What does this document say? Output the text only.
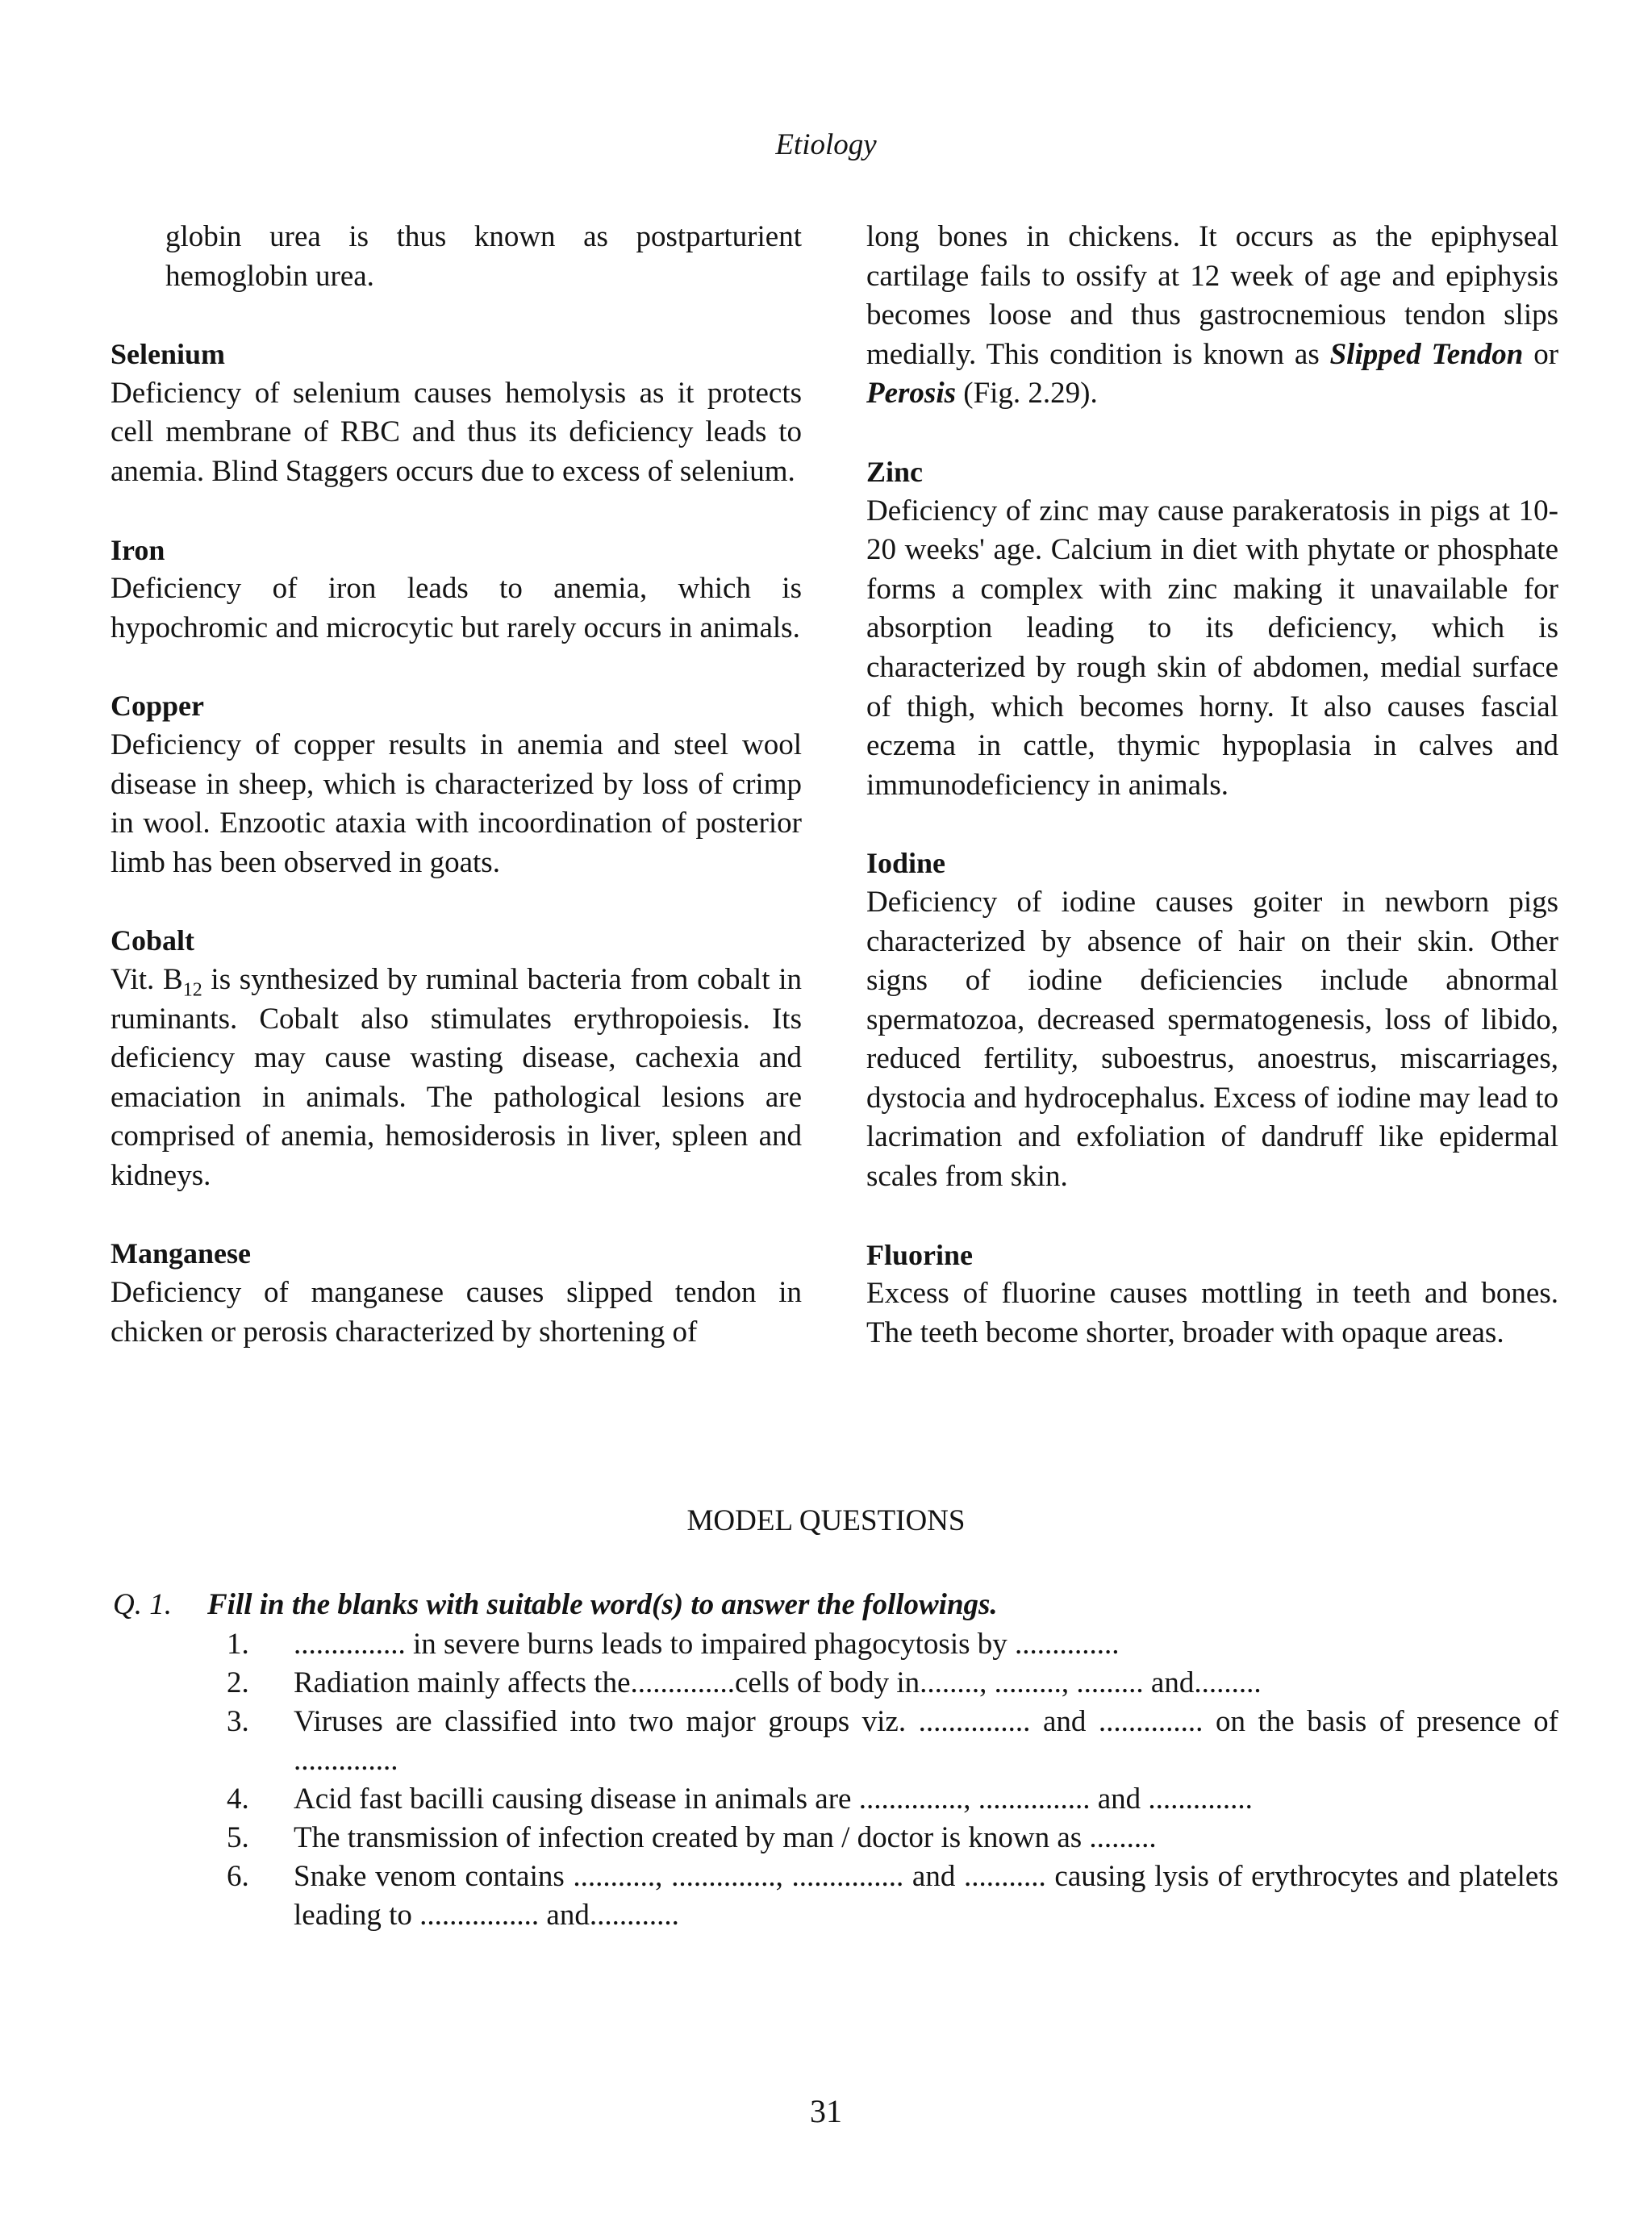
Etiology

globin urea is thus known as postparturient hemoglobin urea.

Selenium

Deficiency of selenium causes hemolysis as it protects cell membrane of RBC and thus its deficiency leads to anemia. Blind Staggers occurs due to excess of selenium.

Iron

Deficiency of iron leads to anemia, which is hypochromic and microcytic but rarely occurs in animals.

Copper

Deficiency of copper results in anemia and steel wool disease in sheep, which is characterized by loss of crimp in wool. Enzootic ataxia with incoordination of posterior limb has been observed in goats.

Cobalt

Vit. $B_{12}$ is synthesized by ruminal bacteria from cobalt in ruminants. Cobalt also stimulates erythropoiesis. Its deficiency may cause wasting disease, cachexia and emaciation in animals. The pathological lesions are comprised of anemia, hemosiderosis in liver, spleen and kidneys.

Manganese

Deficiency of manganese causes slipped tendon in chicken or perosis characterized by shortening of

long bones in chickens. It occurs as the epiphyseal cartilage fails to ossify at 12 week of age and epiphysis becomes loose and thus gastrocnemious tendon slips medially. This condition is known as Slipped Tendon or Perosis (Fig. 2.29).

Zinc

Deficiency of zinc may cause parakeratosis in pigs at 10-20 weeks' age. Calcium in diet with phytate or phosphate forms a complex with zinc making it unavailable for absorption leading to its deficiency, which is characterized by rough skin of abdomen, medial surface of thigh, which becomes horny. It also causes fascial eczema in cattle, thymic hypoplasia in calves and immunodeficiency in animals.

Iodine

Deficiency of iodine causes goiter in newborn pigs characterized by absence of hair on their skin. Other signs of iodine deficiencies include abnormal spermatozoa, decreased spermatogenesis, loss of libido, reduced fertility, suboestrus, anoestrus, miscarriages, dystocia and hydrocephalus. Excess of iodine may lead to lacrimation and exfoliation of dandruff like epidermal scales from skin.

Fluorine

Excess of fluorine causes mottling in teeth and bones. The teeth become shorter, broader with opaque areas.

MODEL QUESTIONS
Q. 1. Fill in the blanks with suitable word(s) to answer the followings.
1. ............... in severe burns leads to impaired phagocytosis by ..............
2. Radiation mainly affects the..............cells of body in........, ........., ......... and.........
3. Viruses are classified into two major groups viz. ............... and .............. on the basis of presence of ..............
4. Acid fast bacilli causing disease in animals are .............., ............... and ..............
5. The transmission of infection created by man / doctor is known as .........
6. Snake venom contains ..........., .............., ............... and ........... causing lysis of erythrocytes and platelets leading to ................ and............
31
